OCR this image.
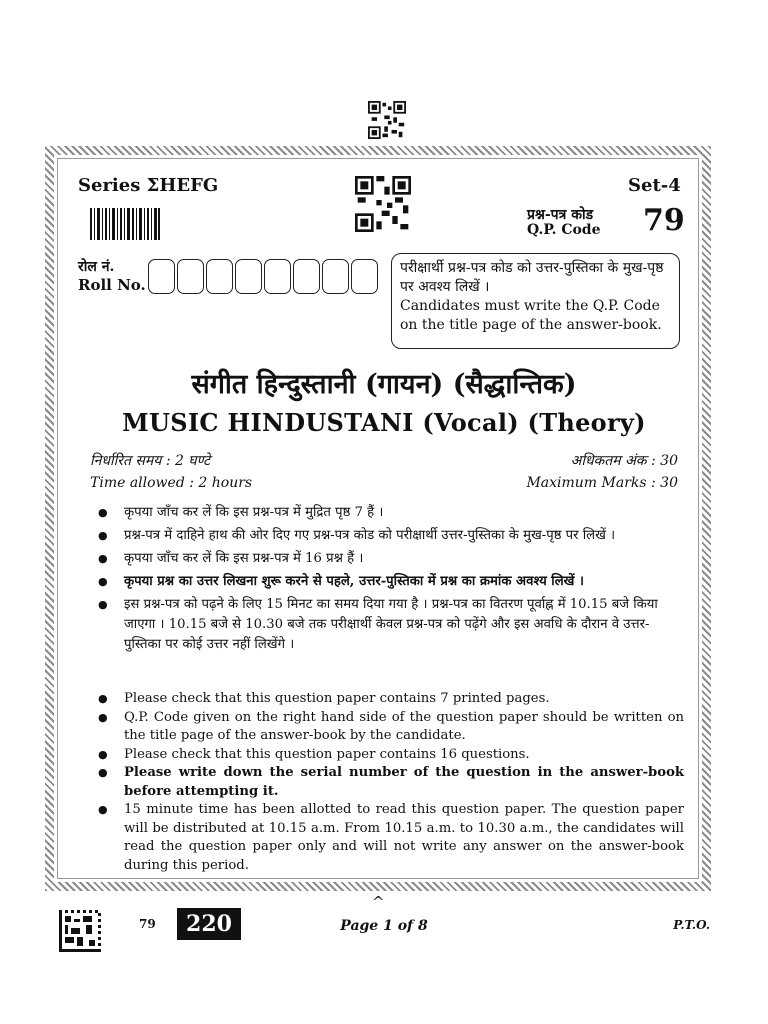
Series ΣHEFG	Set-4
प्रश्न-पत्र कोड
Q.P. Code 79
रोल नं.
Roll No.
परीक्षार्थी प्रश्न-पत्र कोड को उत्तर-पुस्तिका के मुख-पृष्ठ पर अवश्य लिखें ।
Candidates must write the Q.P. Code on the title page of the answer-book.
संगीत हिन्दुस्तानी (गायन) (सैद्धान्तिक)
MUSIC HINDUSTANI (Vocal) (Theory)
निर्धारित समय : 2 घण्टे
Time allowed : 2 hours
अधिकतम अंक : 30
Maximum Marks : 30
● कृपया जाँच कर लें कि इस प्रश्न-पत्र में मुद्रित पृष्ठ 7 हैं ।
● प्रश्न-पत्र में दाहिने हाथ की ओर दिए गए प्रश्न-पत्र कोड को परीक्षार्थी उत्तर-पुस्तिका के मुख-पृष्ठ पर लिखें ।
● कृपया जाँच कर लें कि इस प्रश्न-पत्र में 16 प्रश्न हैं ।
● कृपया प्रश्न का उत्तर लिखना शुरू करने से पहले, उत्तर-पुस्तिका में प्रश्न का क्रमांक अवश्य लिखें ।
● इस प्रश्न-पत्र को पढ़ने के लिए 15 मिनट का समय दिया गया है । प्रश्न-पत्र का वितरण पूर्वाह्न में 10.15 बजे किया जाएगा । 10.15 बजे से 10.30 बजे तक परीक्षार्थी केवल प्रश्न-पत्र को पढ़ेंगे और इस अवधि के दौरान वे उत्तर-पुस्तिका पर कोई उत्तर नहीं लिखेंगे ।
● Please check that this question paper contains 7 printed pages.
● Q.P. Code given on the right hand side of the question paper should be written on the title page of the answer-book by the candidate.
● Please check that this question paper contains 16 questions.
● Please write down the serial number of the question in the answer-book before attempting it.
● 15 minute time has been allotted to read this question paper. The question paper will be distributed at 10.15 a.m. From 10.15 a.m. to 10.30 a.m., the candidates will read the question paper only and will not write any answer on the answer-book during this period.
^
79	220	Page 1 of 8	P.T.O.
